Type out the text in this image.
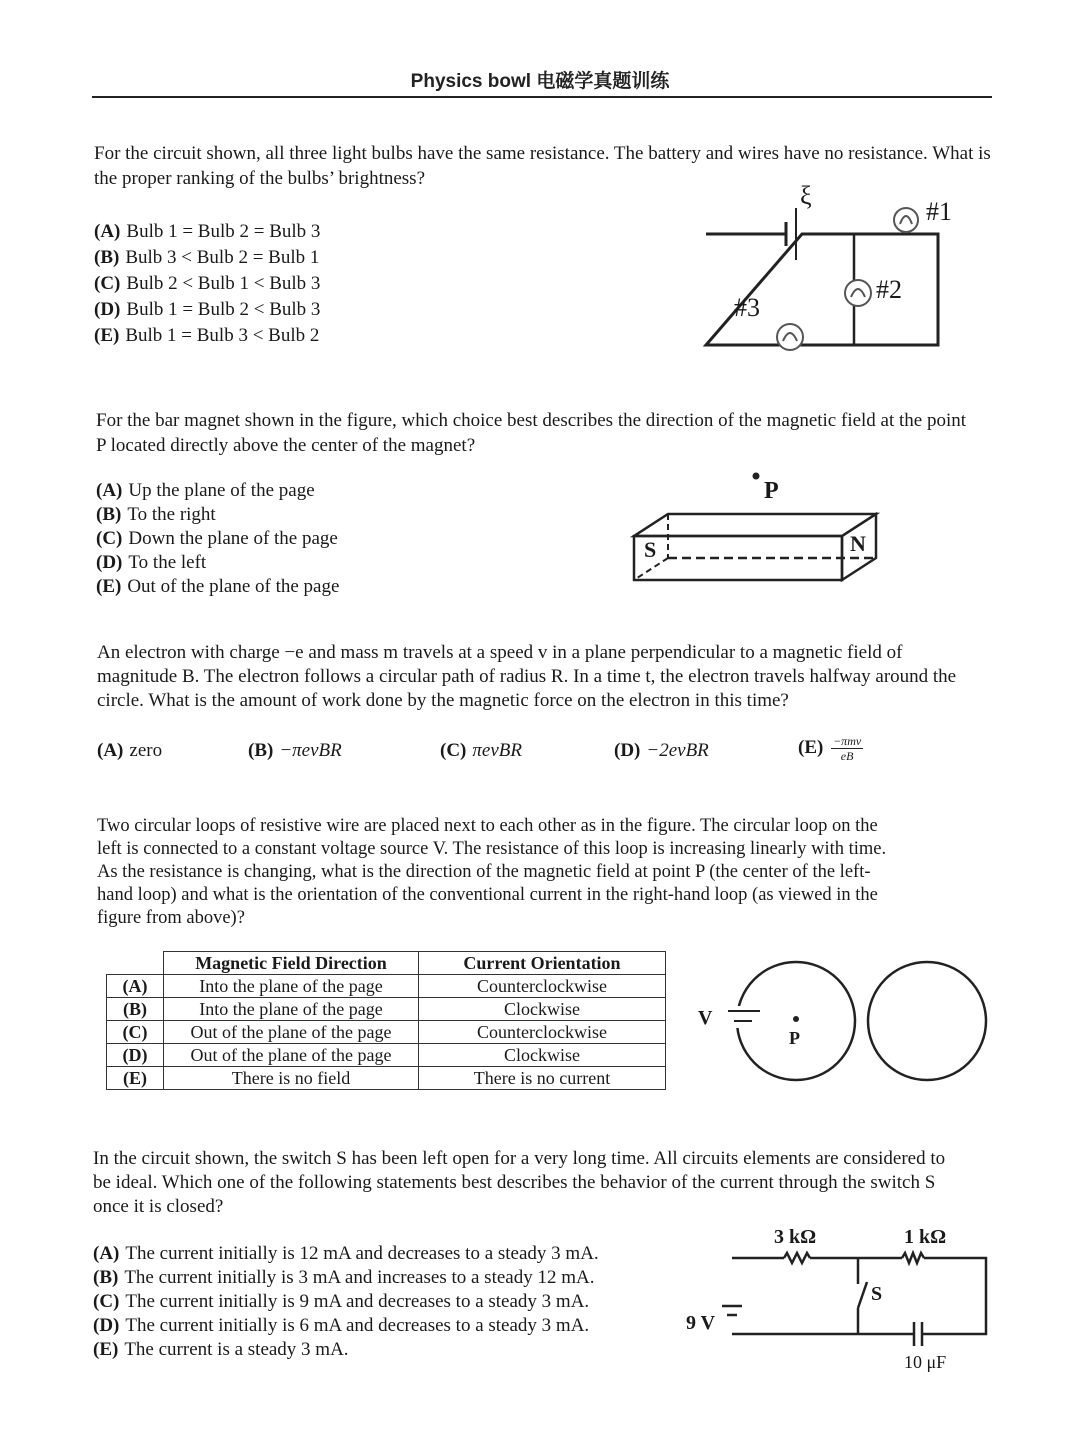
Physics bowl 电磁学真题训练

For the circuit shown, all three light bulbs have the same resistance. The battery and wires have no resistance. What is the proper ranking of the bulbs’ brightness?

(A) Bulb 1 = Bulb 2 = Bulb 3
(B) Bulb 3 < Bulb 2 = Bulb 1
(C) Bulb 2 < Bulb 1 < Bulb 3
(D) Bulb 1 = Bulb 2 < Bulb 3
(E) Bulb 1 = Bulb 3 < Bulb 2
ξ
#1
#2
#3

For the bar magnet shown in the figure, which choice best describes the direction of the magnetic field at the point P located directly above the center of the magnet?

(A) Up the plane of the page
(B) To the right
(C) Down the plane of the page
(D) To the left
(E) Out of the plane of the page
P
S	N

An electron with charge −e and mass m travels at a speed v in a plane perpendicular to a magnetic field of magnitude B. The electron follows a circular path of radius R. In a time t, the electron travels halfway around the circle. What is the amount of work done by the magnetic force on the electron in this time?

(A) zero	(B) −πevBR	(C) πevBR	(D) −2evBR	$(E) \frac{\text{−πmv}}{eB}$

Two circular loops of resistive wire are placed next to each other as in the figure. The circular loop on the left is connected to a constant voltage source V. The resistance of this loop is increasing linearly with time. As the resistance is changing, what is the direction of the magnetic field at point P (the center of the left-hand loop) and what is the orientation of the conventional current in the right-hand loop (as viewed in the figure from above)?

	Magnetic Field Direction	Current Orientation
(A)	Into the plane of the page	Counterclockwise
(B)	Into the plane of the page	Clockwise
(C)	Out of the plane of the page	Counterclockwise
(D)	Out of the plane of the page	Clockwise
(E)	There is no field	There is no current
V
P

In the circuit shown, the switch S has been left open for a very long time. All circuits elements are considered to be ideal. Which one of the following statements best describes the behavior of the current through the switch S once it is closed?

(A) The current initially is 12 mA and decreases to a steady 3 mA.
(B) The current initially is 3 mA and increases to a steady 12 mA.
(C) The current initially is 9 mA and decreases to a steady 3 mA.
(D) The current initially is 6 mA and decreases to a steady 3 mA.
(E) The current is a steady 3 mA.
3 kΩ	1 kΩ
9 V
S
10 μF
